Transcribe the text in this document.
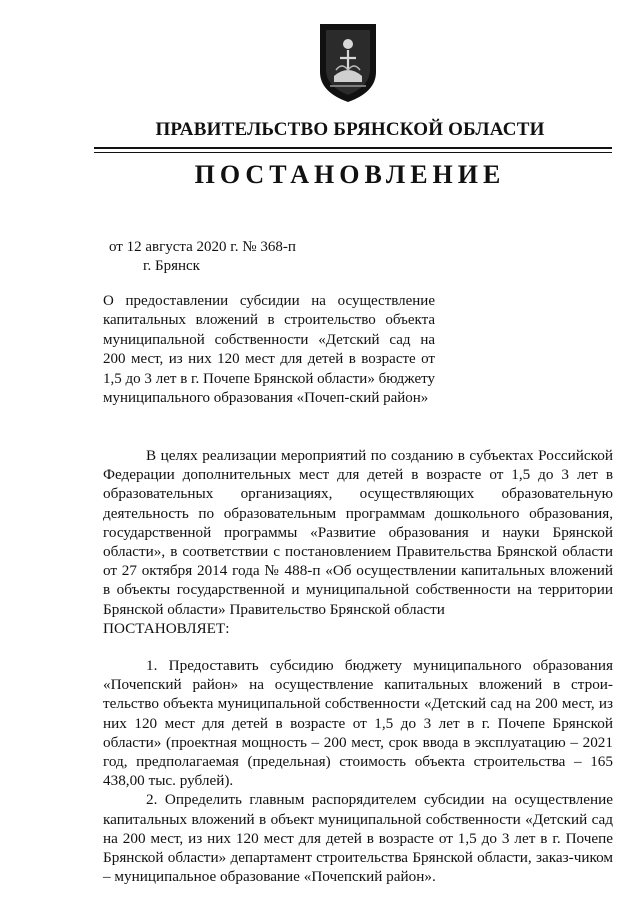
ПРАВИТЕЛЬСТВО БРЯНСКОЙ ОБЛАСТИ
ПОСТАНОВЛЕНИЕ
от 12 августа 2020 г. № 368-п
г. Брянск
О предоставлении субсидии на осуществление капитальных вложений в строительство объекта муниципальной собственности «Детский сад на 200 мест, из них 120 мест для детей в возрасте от 1,5 до 3 лет в г. Почепе Брянской области» бюджету муниципального образования «Почеп-ский район»

В целях реализации мероприятий по созданию в субъектах Российской Федерации дополнительных мест для детей в возрасте от 1,5 до 3 лет в образовательных организациях, осуществляющих образовательную деятельность по образовательным программам дошкольного образования, государственной программы «Развитие образования и науки Брянской области», в соответствии с постановлением Правительства Брянской области от 27 октября 2014 года № 488-п «Об осуществлении капитальных вложений в объекты государственной и муниципальной собственности на территории Брянской области» Правительство Брянской области

ПОСТАНОВЛЯЕТ:

1. Предоставить субсидию бюджету муниципального образования «Почепский район» на осуществление капитальных вложений в строи-тельство объекта муниципальной собственности «Детский сад на 200 мест, из них 120 мест для детей в возрасте от 1,5 до 3 лет в г. Почепе Брянской области» (проектная мощность – 200 мест, срок ввода в эксплуатацию – 2021 год, предполагаемая (предельная) стоимость объекта строительства – 165 438,00 тыс. рублей).

2. Определить главным распорядителем субсидии на осуществление капитальных вложений в объект муниципальной собственности «Детский сад на 200 мест, из них 120 мест для детей в возрасте от 1,5 до 3 лет в г. Почепе Брянской области» департамент строительства Брянской области, заказ-чиком – муниципальное образование «Почепский район».
